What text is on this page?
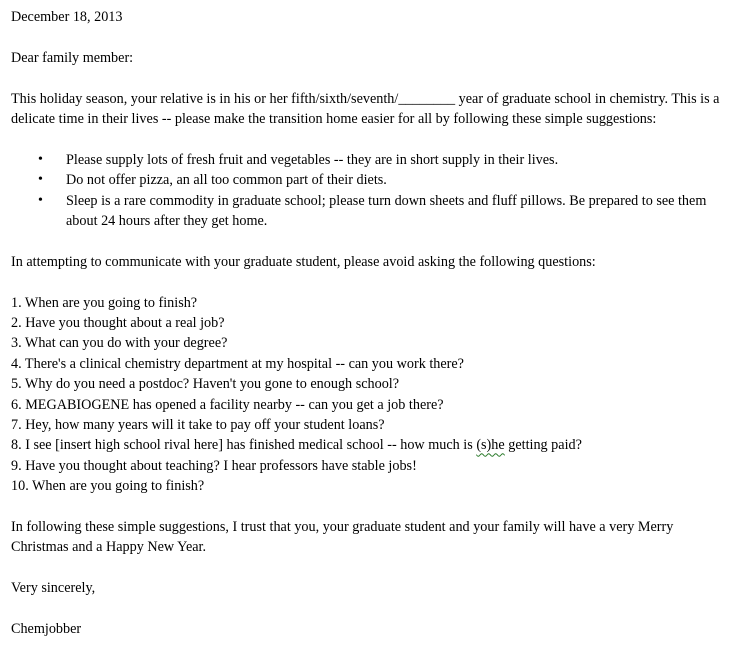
December 18, 2013

Dear family member:

This holiday season, your relative is in his or her fifth/sixth/seventh/________ year of graduate school in chemistry. This is a delicate time in their lives -- please make the transition home easier for all by following these simple suggestions:

• Please supply lots of fresh fruit and vegetables -- they are in short supply in their lives.
• Do not offer pizza, an all too common part of their diets.
• Sleep is a rare commodity in graduate school; please turn down sheets and fluff pillows. Be prepared to see them about 24 hours after they get home.

In attempting to communicate with your graduate student, please avoid asking the following questions:

1. When are you going to finish?
2. Have you thought about a real job?
3. What can you do with your degree?
4. There's a clinical chemistry department at my hospital -- can you work there?
5. Why do you need a postdoc? Haven't you gone to enough school?
6. MEGABIOGENE has opened a facility nearby -- can you get a job there?
7. Hey, how many years will it take to pay off your student loans?
8. I see [insert high school rival here] has finished medical school -- how much is (s)he getting paid?
9. Have you thought about teaching? I hear professors have stable jobs!
10. When are you going to finish?

In following these simple suggestions, I trust that you, your graduate student and your family will have a very Merry Christmas and a Happy New Year.

Very sincerely,

Chemjobber
